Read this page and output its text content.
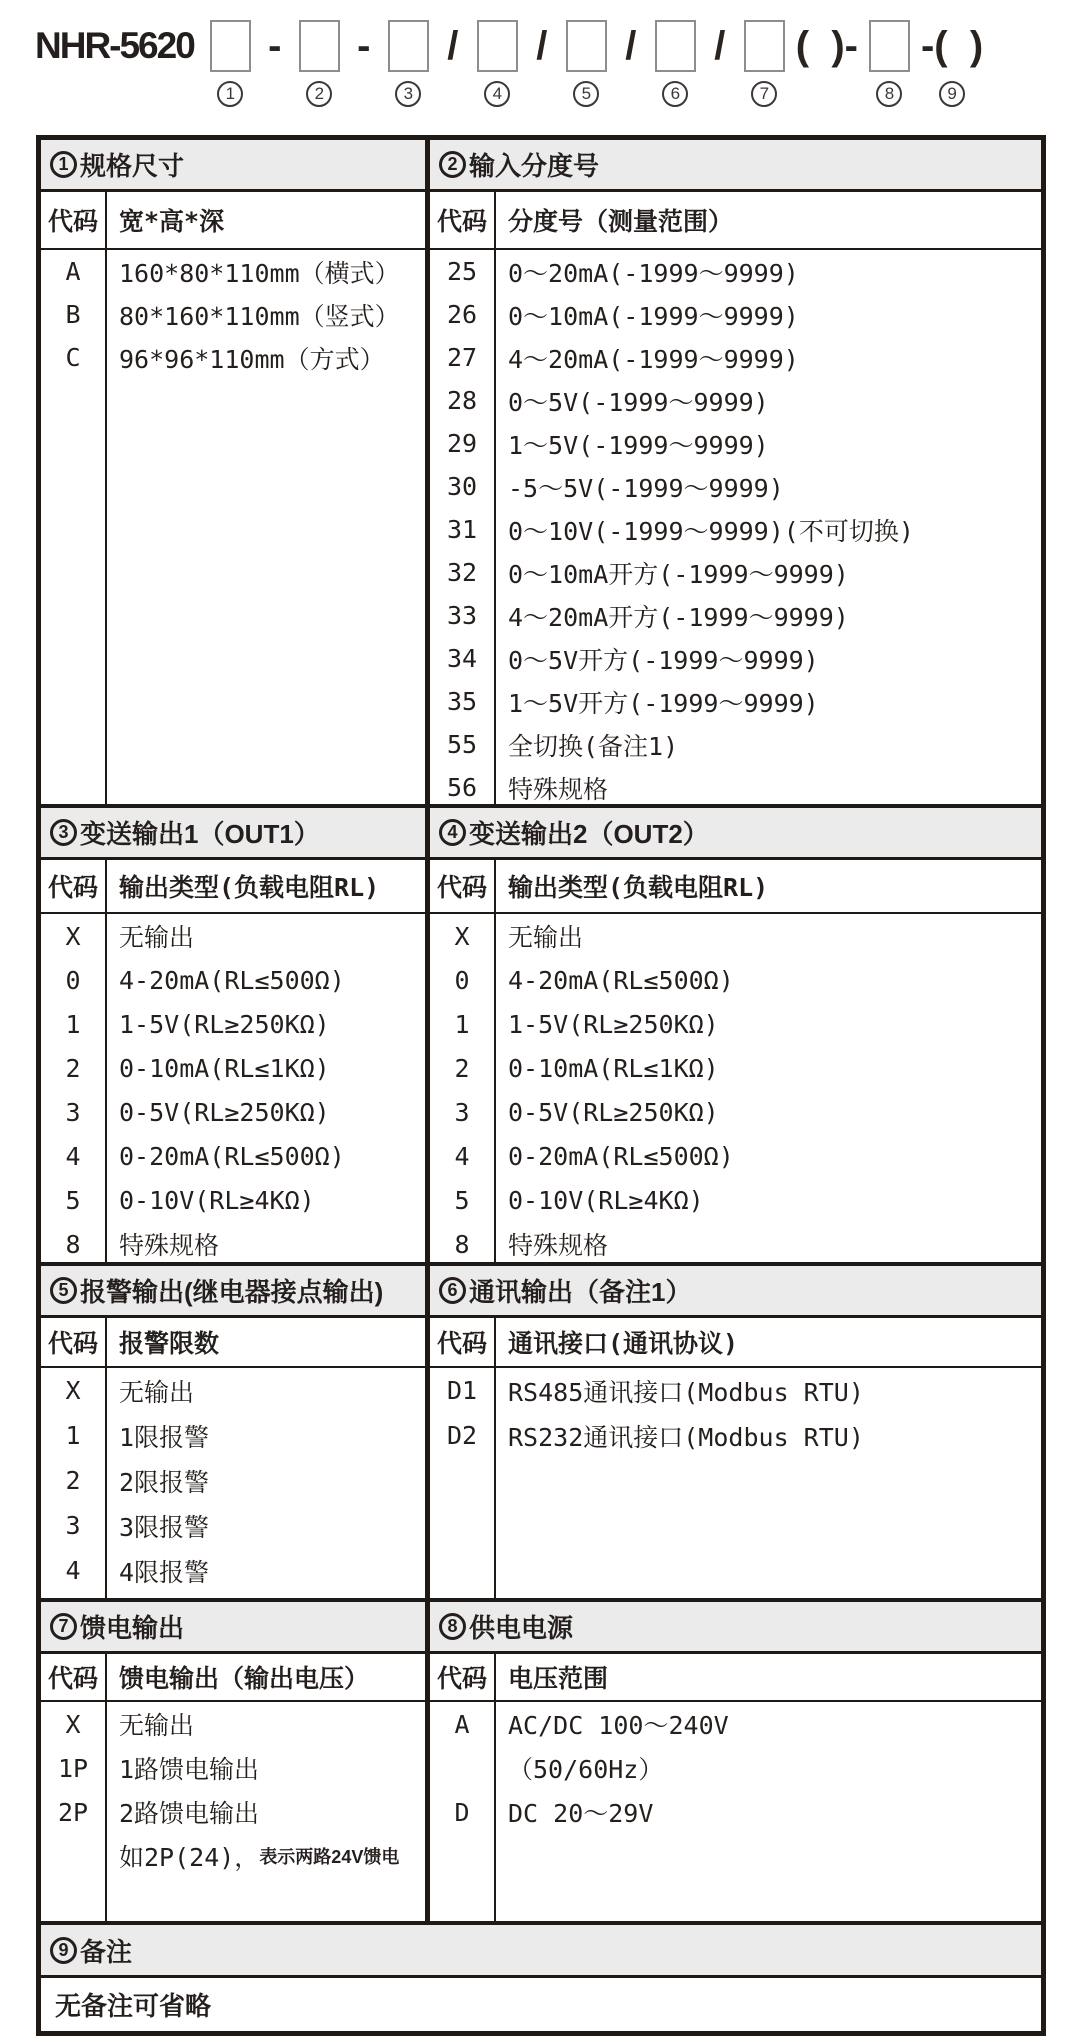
NHR-5620
1
-
2
-
3
/
4
/
5
/
6
/
7
(  )-
8
-(  )
9
1 规格尺寸
代码 宽*高*深
A	160*80*110mm（横式）
B	80*160*110mm（竖式）
C	96*96*110mm（方式）
2 输入分度号
代码 分度号（测量范围）
25	0～20mA(-1999～9999)
26	0～10mA(-1999～9999)
27	4～20mA(-1999～9999)
28	0～5V(-1999～9999)
29	1～5V(-1999～9999)
30	-5～5V(-1999～9999)
31	0～10V(-1999～9999)(不可切换)
32	0～10mA开方(-1999～9999)
33	4～20mA开方(-1999～9999)
34	0～5V开方(-1999～9999)
35	1～5V开方(-1999～9999)
55	全切换(备注1)
56	特殊规格
3 变送输出1（OUT1）
代码 输出类型(负载电阻RL)
X	无输出
0	4-20mA(RL≤500Ω)
1	1-5V(RL≥250KΩ)
2	0-10mA(RL≤1KΩ)
3	0-5V(RL≥250KΩ)
4	0-20mA(RL≤500Ω)
5	0-10V(RL≥4KΩ)
8	特殊规格
4 变送输出2（OUT2）
代码 输出类型(负载电阻RL)
X	无输出
0	4-20mA(RL≤500Ω)
1	1-5V(RL≥250KΩ)
2	0-10mA(RL≤1KΩ)
3	0-5V(RL≥250KΩ)
4	0-20mA(RL≤500Ω)
5	0-10V(RL≥4KΩ)
8	特殊规格
5 报警输出(继电器接点输出)
代码 报警限数
X	无输出
1	1限报警
2	2限报警
3	3限报警
4	4限报警
6 通讯输出（备注1）
代码 通讯接口(通讯协议)
D1	RS485通讯接口(Modbus RTU)
D2	RS232通讯接口(Modbus RTU)
7 馈电输出
代码 馈电输出（输出电压）
X	无输出
1P	1路馈电输出
2P	2路馈电输出
如2P(24)， 表示两路24V馈电
8 供电电源
代码 电压范围
A	AC/DC 100～240V
（50/60Hz）
D	DC 20～29V
9 备注
无备注可省略
